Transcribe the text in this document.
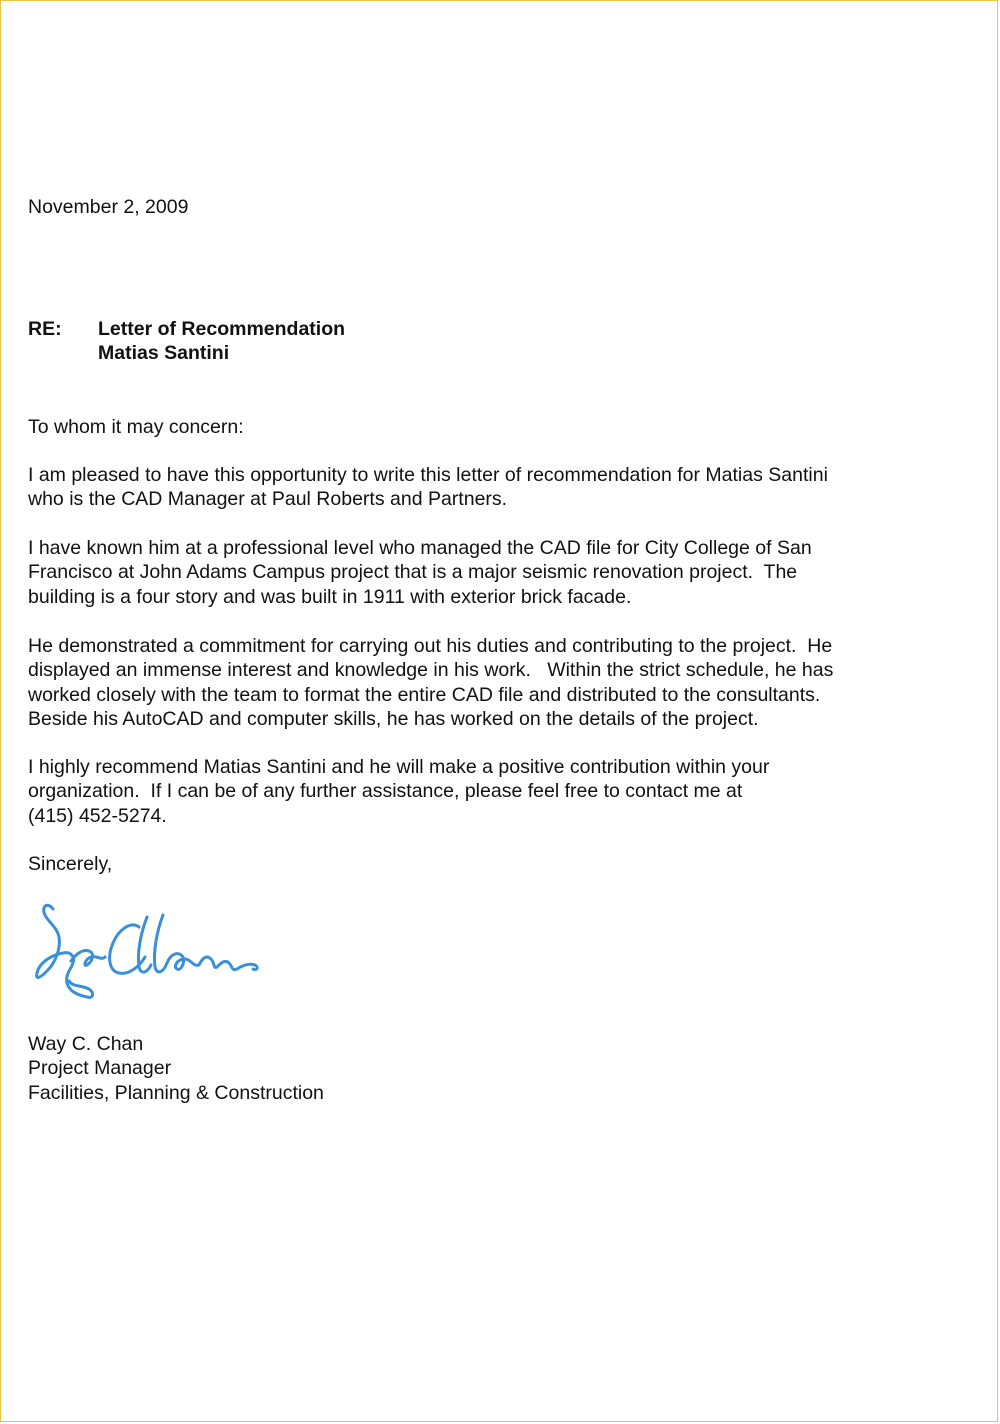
November 2, 2009

RE: Letter of Recommendation
Matias Santini

To whom it may concern:

I am pleased to have this opportunity to write this letter of recommendation for Matias Santini

who is the CAD Manager at Paul Roberts and Partners.

I have known him at a professional level who managed the CAD file for City College of San

Francisco at John Adams Campus project that is a major seismic renovation project.  The

building is a four story and was built in 1911 with exterior brick facade.

He demonstrated a commitment for carrying out his duties and contributing to the project.  He

displayed an immense interest and knowledge in his work.   Within the strict schedule, he has

worked closely with the team to format the entire CAD file and distributed to the consultants.

Beside his AutoCAD and computer skills, he has worked on the details of the project.

I highly recommend Matias Santini and he will make a positive contribution within your

organization.  If I can be of any further assistance, please feel free to contact me at

(415) 452-5274.

Sincerely,

Way C. Chan

Project Manager

Facilities, Planning & Construction
